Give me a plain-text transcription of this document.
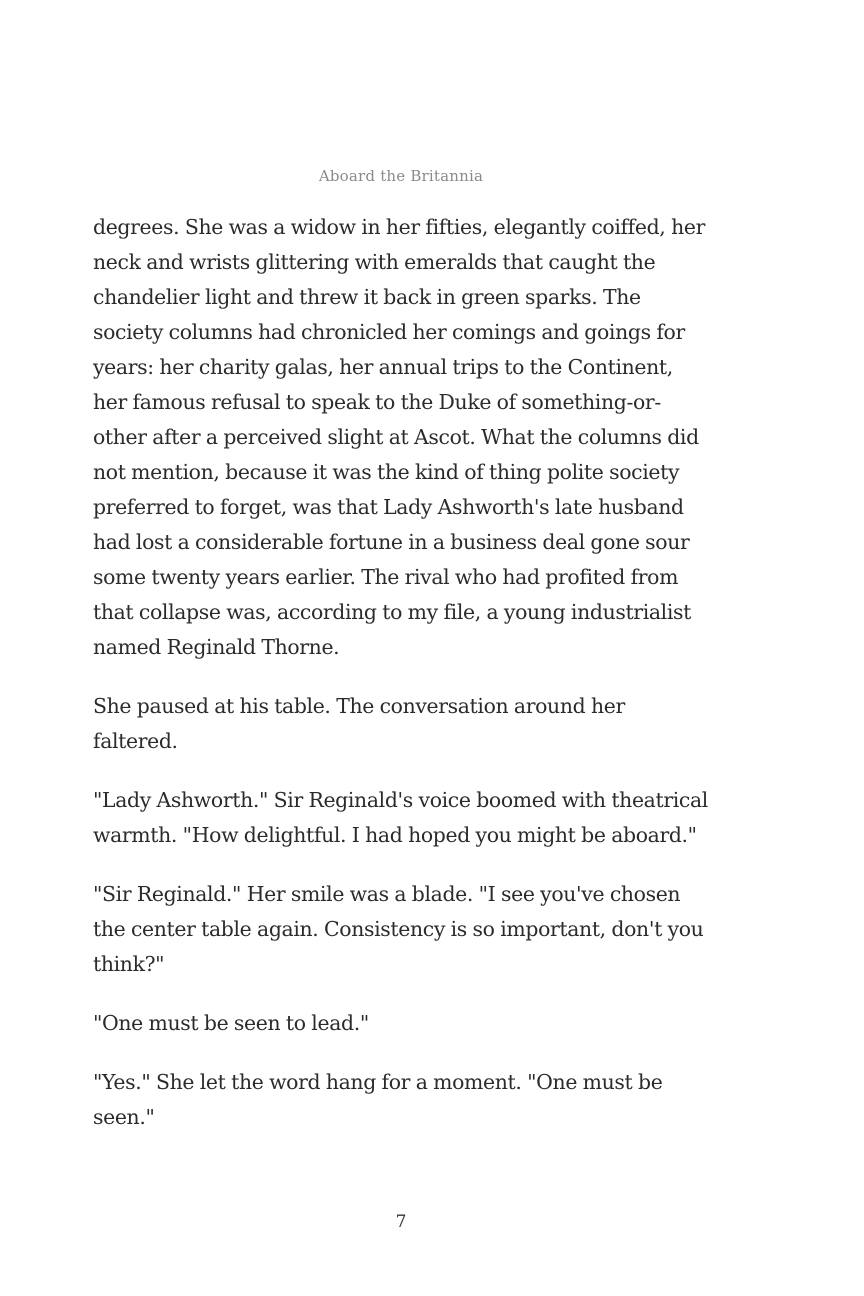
Aboard the Britannia

degrees. She was a widow in her fifties, elegantly coiffed, her neck and wrists glittering with emeralds that caught the chandelier light and threw it back in green sparks. The society columns had chronicled her comings and goings for years: her charity galas, her annual trips to the Continent, her famous refusal to speak to the Duke of something-or-other after a perceived slight at Ascot. What the columns did not mention, because it was the kind of thing polite society preferred to forget, was that Lady Ashworth's late husband had lost a considerable fortune in a business deal gone sour some twenty years earlier. The rival who had profited from that collapse was, according to my file, a young industrialist named Reginald Thorne.

She paused at his table. The conversation around her faltered.

"Lady Ashworth." Sir Reginald's voice boomed with theatrical warmth. "How delightful. I had hoped you might be aboard."

"Sir Reginald." Her smile was a blade. "I see you've chosen the center table again. Consistency is so important, don't you think?"

"One must be seen to lead."

"Yes." She let the word hang for a moment. "One must be seen."

7
